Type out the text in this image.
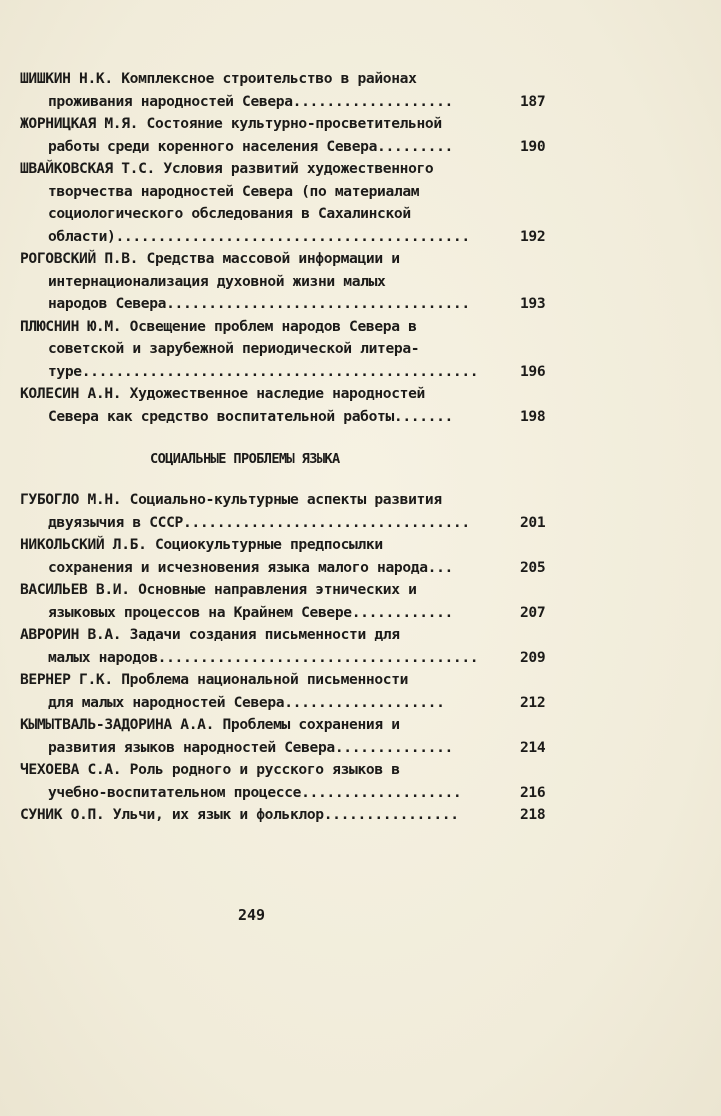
ШИШКИН Н.К. Комплексное строительство в районах
проживания народностей Севера...................	187
ЖОРНИЦКАЯ М.Я. Состояние культурно-просветительной
работы среди коренного населения Севера.........	190
ШВАЙКОВСКАЯ Т.С. Условия развитий художественного
творчества народностей Севера (по материалам
социологического обследования в Сахалинской
области)..........................................	192
РОГОВСКИЙ П.В. Средства массовой информации и
интернационализация духовной жизни малых
народов Севера....................................	193
ПЛЮСНИН Ю.М. Освещение проблем народов Севера в
советской и зарубежной периодической литера-
туре...............................................	196
КОЛЕСИН А.Н. Художественное наследие народностей
Севера как средство воспитательной работы.......	198
СОЦИАЛЬНЫЕ ПРОБЛЕМЫ ЯЗЫКА
ГУБОГЛО М.Н. Социально-культурные аспекты развития
двуязычия в СССР..................................	201
НИКОЛЬСКИЙ Л.Б. Социокультурные предпосылки
сохранения и исчезновения языка малого народа...	205
ВАСИЛЬЕВ В.И. Основные направления этнических и
языковых процессов на Крайнем Севере............	207
АВРОРИН В.А. Задачи создания письменности для
малых народов......................................	209
ВЕРНЕР Г.К. Проблема национальной письменности
для малых народностей Севера...................	212
КЫМЫТВАЛЬ-ЗАДОРИНА А.А. Проблемы сохранения и
развития языков народностей Севера..............	214
ЧЕХОЕВА С.А. Роль родного и русского языков в
учебно-воспитательном процессе...................	216
СУНИК О.П. Ульчи, их язык и фольклор................	218
249
